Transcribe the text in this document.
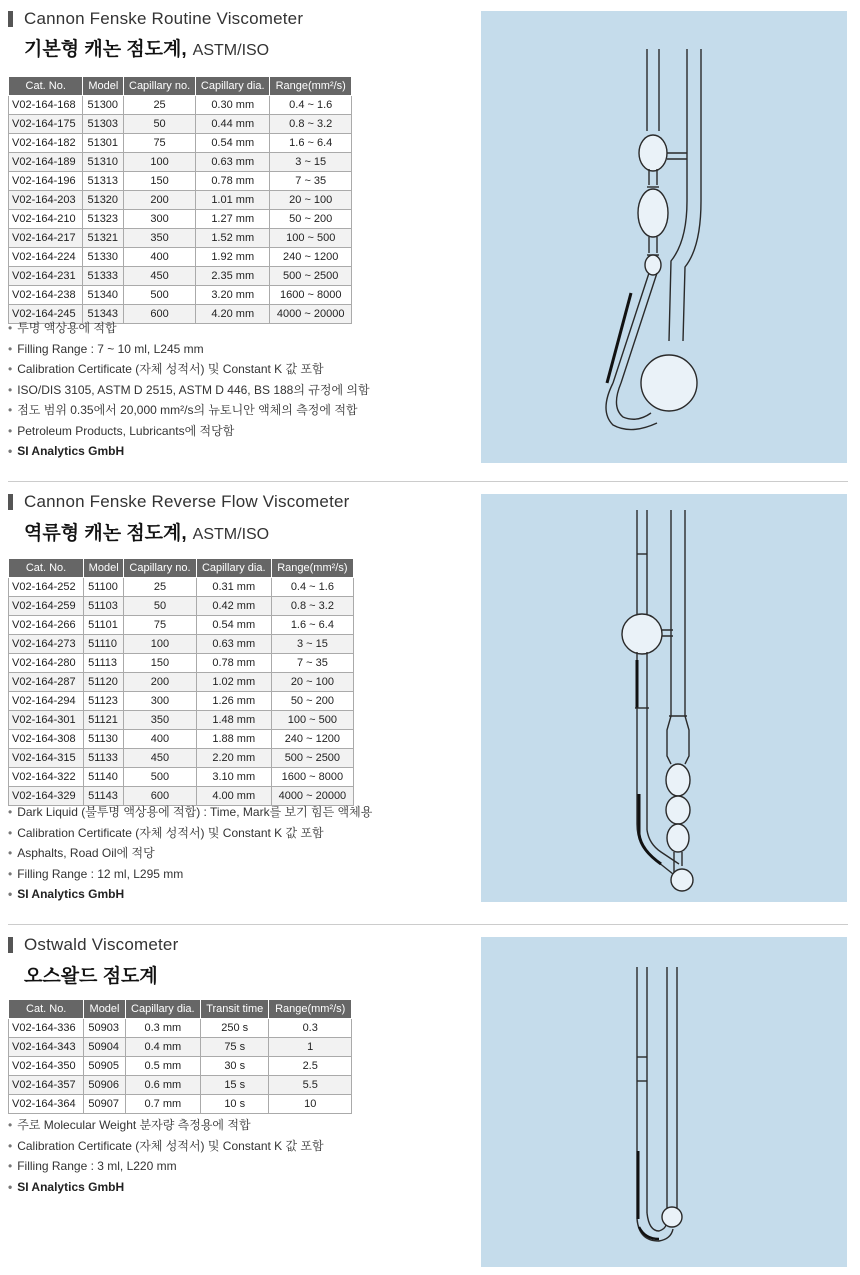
Cannon Fenske Routine Viscometer
기본형 캐논 점도계, ASTM/ISO
Cat. No.	Model	Capillary no.	Capillary dia.	Range(mm²/s)
V02-164-168	51300	25	0.30 mm	0.4 ~ 1.6
V02-164-175	51303	50	0.44 mm	0.8 ~ 3.2
V02-164-182	51301	75	0.54 mm	1.6 ~ 6.4
V02-164-189	51310	100	0.63 mm	3 ~ 15
V02-164-196	51313	150	0.78 mm	7 ~ 35
V02-164-203	51320	200	1.01 mm	20 ~ 100
V02-164-210	51323	300	1.27 mm	50 ~ 200
V02-164-217	51321	350	1.52 mm	100 ~ 500
V02-164-224	51330	400	1.92 mm	240 ~ 1200
V02-164-231	51333	450	2.35 mm	500 ~ 2500
V02-164-238	51340	500	3.20 mm	1600 ~ 8000
V02-164-245	51343	600	4.20 mm	4000 ~ 20000
• 투명 액상용에 적합
• Filling Range : 7 ~ 10 ml, L245 mm
• Calibration Certificate (자체 성적서) 및 Constant K 값 포함
• ISO/DIS 3105, ASTM D 2515, ASTM D 446, BS 188의 규정에 의함
• 점도 범위 0.35에서 20,000 mm²/s의 뉴토니안 액체의 측정에 적합
• Petroleum Products, Lubricants에 적당함
• SI Analytics GmbH
Cannon Fenske Reverse Flow Viscometer
역류형 캐논 점도계, ASTM/ISO
Cat. No.	Model	Capillary no.	Capillary dia.	Range(mm²/s)
V02-164-252	51100	25	0.31 mm	0.4 ~ 1.6
V02-164-259	51103	50	0.42 mm	0.8 ~ 3.2
V02-164-266	51101	75	0.54 mm	1.6 ~ 6.4
V02-164-273	51110	100	0.63 mm	3 ~ 15
V02-164-280	51113	150	0.78 mm	7 ~ 35
V02-164-287	51120	200	1.02 mm	20 ~ 100
V02-164-294	51123	300	1.26 mm	50 ~ 200
V02-164-301	51121	350	1.48 mm	100 ~ 500
V02-164-308	51130	400	1.88 mm	240 ~ 1200
V02-164-315	51133	450	2.20 mm	500 ~ 2500
V02-164-322	51140	500	3.10 mm	1600 ~ 8000
V02-164-329	51143	600	4.00 mm	4000 ~ 20000
• Dark Liquid (불투명 액상용에 적합) : Time, Mark를 보기 힘든 액체용
• Calibration Certificate (자체 성적서) 및 Constant K 값 포함
• Asphalts, Road Oil에 적당
• Filling Range : 12 ml, L295 mm
• SI Analytics GmbH
Ostwald Viscometer
오스왈드 점도계
Cat. No.	Model	Capillary dia.	Transit time	Range(mm²/s)
V02-164-336	50903	0.3 mm	250 s	0.3
V02-164-343	50904	0.4 mm	75 s	1
V02-164-350	50905	0.5 mm	30 s	2.5
V02-164-357	50906	0.6 mm	15 s	5.5
V02-164-364	50907	0.7 mm	10 s	10
• 주로 Molecular Weight 분자량 측정용에 적합
• Calibration Certificate (자체 성적서) 및 Constant K 값 포함
• Filling Range : 3 ml, L220 mm
• SI Analytics GmbH
